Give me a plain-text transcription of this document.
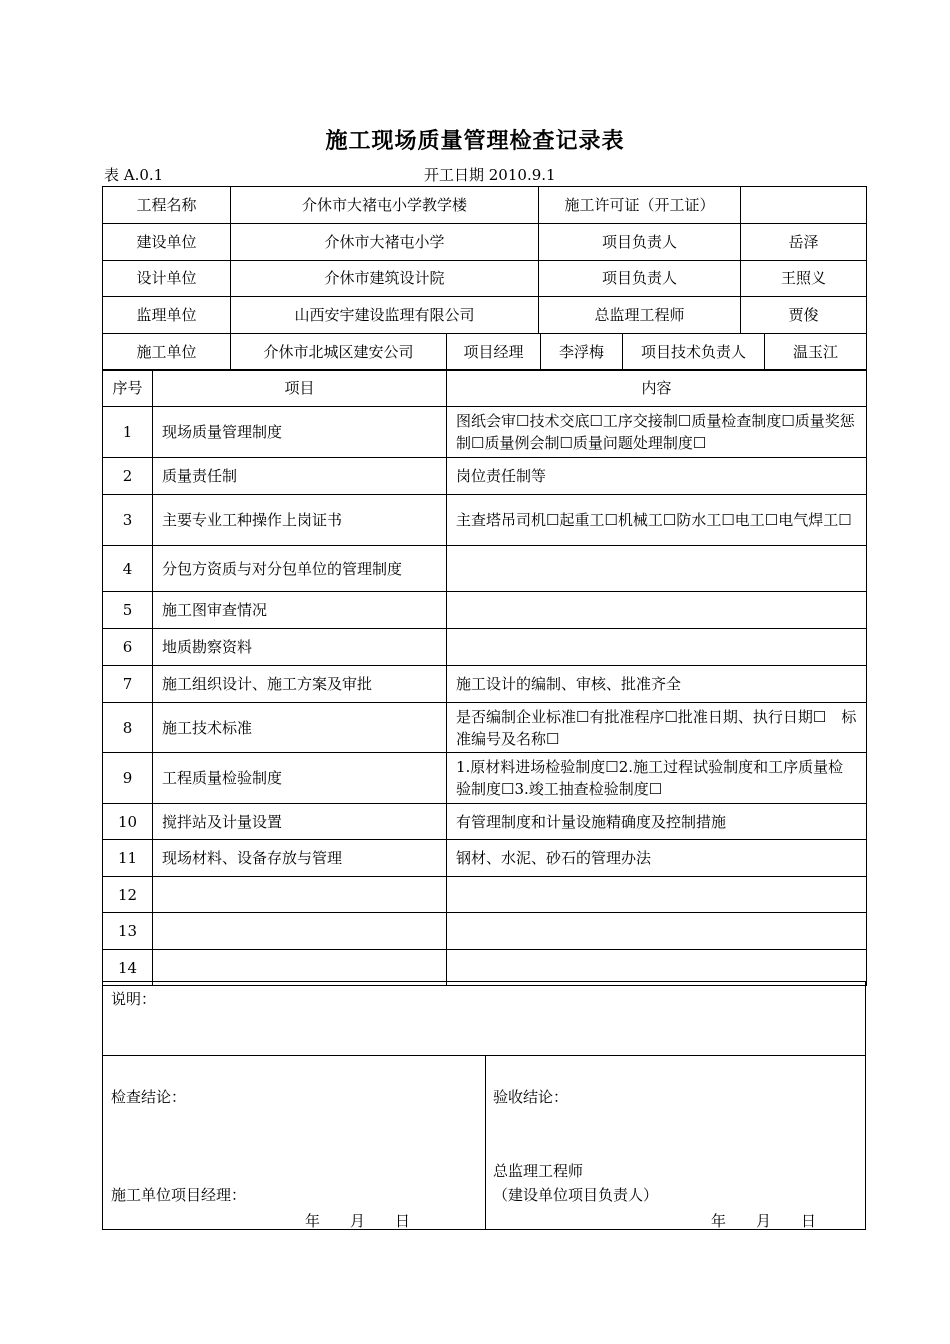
施工现场质量管理检查记录表
表 A.0.1	开工日期 2010.9.1
工程名称	介休市大褚屯小学教学楼	施工许可证（开工证）	
建设单位	介休市大褚屯小学	项目负责人	岳泽
设计单位	介休市建筑设计院	项目负责人	王照义
监理单位	山西安宇建设监理有限公司	总监理工程师	贾俊
施工单位	介休市北城区建安公司	项目经理	李浮梅	项目技术负责人	温玉江
序号	项目	内容
1	现场质量管理制度	图纸会审☐技术交底☐工序交接制☐质量检查制度☐质量奖惩制☐质量例会制☐质量问题处理制度☐
2	质量责任制	岗位责任制等
3	主要专业工种操作上岗证书	主查塔吊司机☐起重工☐机械工☐防水工☐电工☐电气焊工☐
4	分包方资质与对分包单位的管理制度	
5	施工图审查情况	
6	地质勘察资料	
7	施工组织设计、施工方案及审批	施工设计的编制、审核、批准齐全
8	施工技术标准	是否编制企业标准☐有批准程序☐批准日期、执行日期☐　标准编号及名称☐
9	工程质量检验制度	1.原材料进场检验制度☐2.施工过程试验制度和工序质量检验制度☐3.竣工抽查检验制度☐
10	搅拌站及计量设置	有管理制度和计量设施精确度及控制措施
11	现场材料、设备存放与管理	钢材、水泥、砂石的管理办法
12		
13		
14		
说明：
检查结论：
施工单位项目经理：
年　　月　　日
验收结论：
总监理工程师
（建设单位项目负责人）
年　　月　　日
